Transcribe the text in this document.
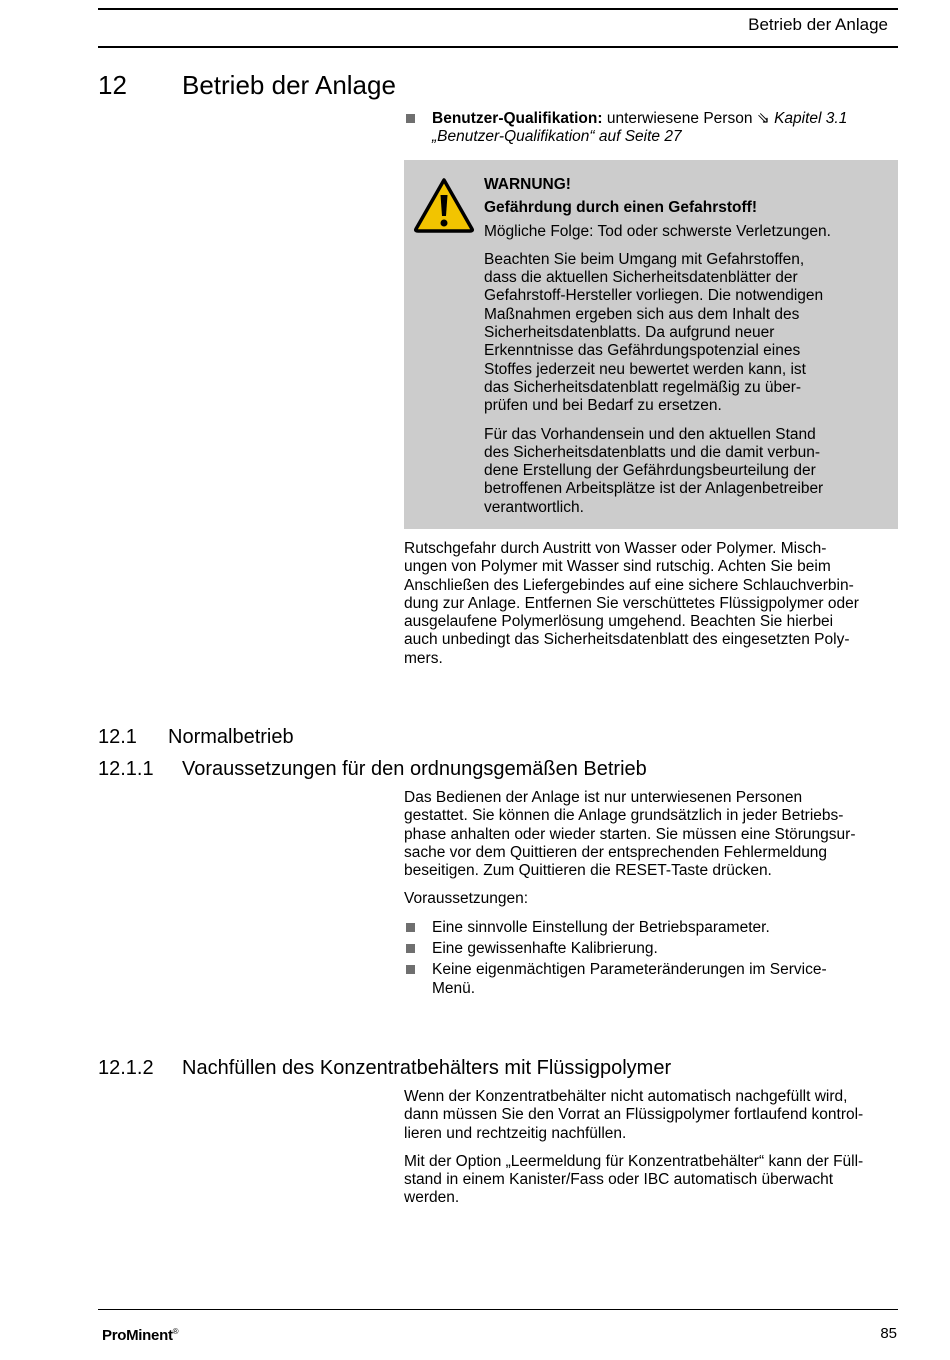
Betrieb der Anlage
12 Betrieb der Anlage
Benutzer-Qualifikation: unterwiesene Person ⇘ Kapitel 3.1
„Benutzer-Qualifikation“ auf Seite 27

WARNUNG!

Gefährdung durch einen Gefahrstoff!

Mögliche Folge: Tod oder schwerste Verletzungen.

Beachten Sie beim Umgang mit Gefahrstoffen,
dass die aktuellen Sicherheitsdatenblätter der
Gefahrstoff-Hersteller vorliegen. Die notwendigen
Maßnahmen ergeben sich aus dem Inhalt des
Sicherheitsdatenblatts. Da aufgrund neuer
Erkenntnisse das Gefährdungspotenzial eines
Stoffes jederzeit neu bewertet werden kann, ist
das Sicherheitsdatenblatt regelmäßig zu über-
prüfen und bei Bedarf zu ersetzen.

Für das Vorhandensein und den aktuellen Stand
des Sicherheitsdatenblatts und die damit verbun-
dene Erstellung der Gefährdungsbeurteilung der
betroffenen Arbeitsplätze ist der Anlagenbetreiber
verantwortlich.

Rutschgefahr durch Austritt von Wasser oder Polymer. Misch-
ungen von Polymer mit Wasser sind rutschig. Achten Sie beim
Anschließen des Liefergebindes auf eine sichere Schlauchverbin-
dung zur Anlage. Entfernen Sie verschüttetes Flüssigpolymer oder
ausgelaufene Polymerlösung umgehend. Beachten Sie hierbei
auch unbedingt das Sicherheitsdatenblatt des eingesetzten Poly-
mers.
12.1 Normalbetrieb
12.1.1 Voraussetzungen für den ordnungsgemäßen Betrieb

Das Bedienen der Anlage ist nur unterwiesenen Personen
gestattet. Sie können die Anlage grundsätzlich in jeder Betriebs-
phase anhalten oder wieder starten. Sie müssen eine Störungsur-
sache vor dem Quittieren der entsprechenden Fehlermeldung
beseitigen. Zum Quittieren die RESET-Taste drücken.

Voraussetzungen:

Eine sinnvolle Einstellung der Betriebsparameter.
Eine gewissenhafte Kalibrierung.
Keine eigenmächtigen Parameteränderungen im Service-
Menü.
12.1.2 Nachfüllen des Konzentratbehälters mit Flüssigpolymer

Wenn der Konzentratbehälter nicht automatisch nachgefüllt wird,
dann müssen Sie den Vorrat an Flüssigpolymer fortlaufend kontrol-
lieren und rechtzeitig nachfüllen.

Mit der Option „Leermeldung für Konzentratbehälter“ kann der Füll-
stand in einem Kanister/Fass oder IBC automatisch überwacht
werden.

ProMinent®	85
